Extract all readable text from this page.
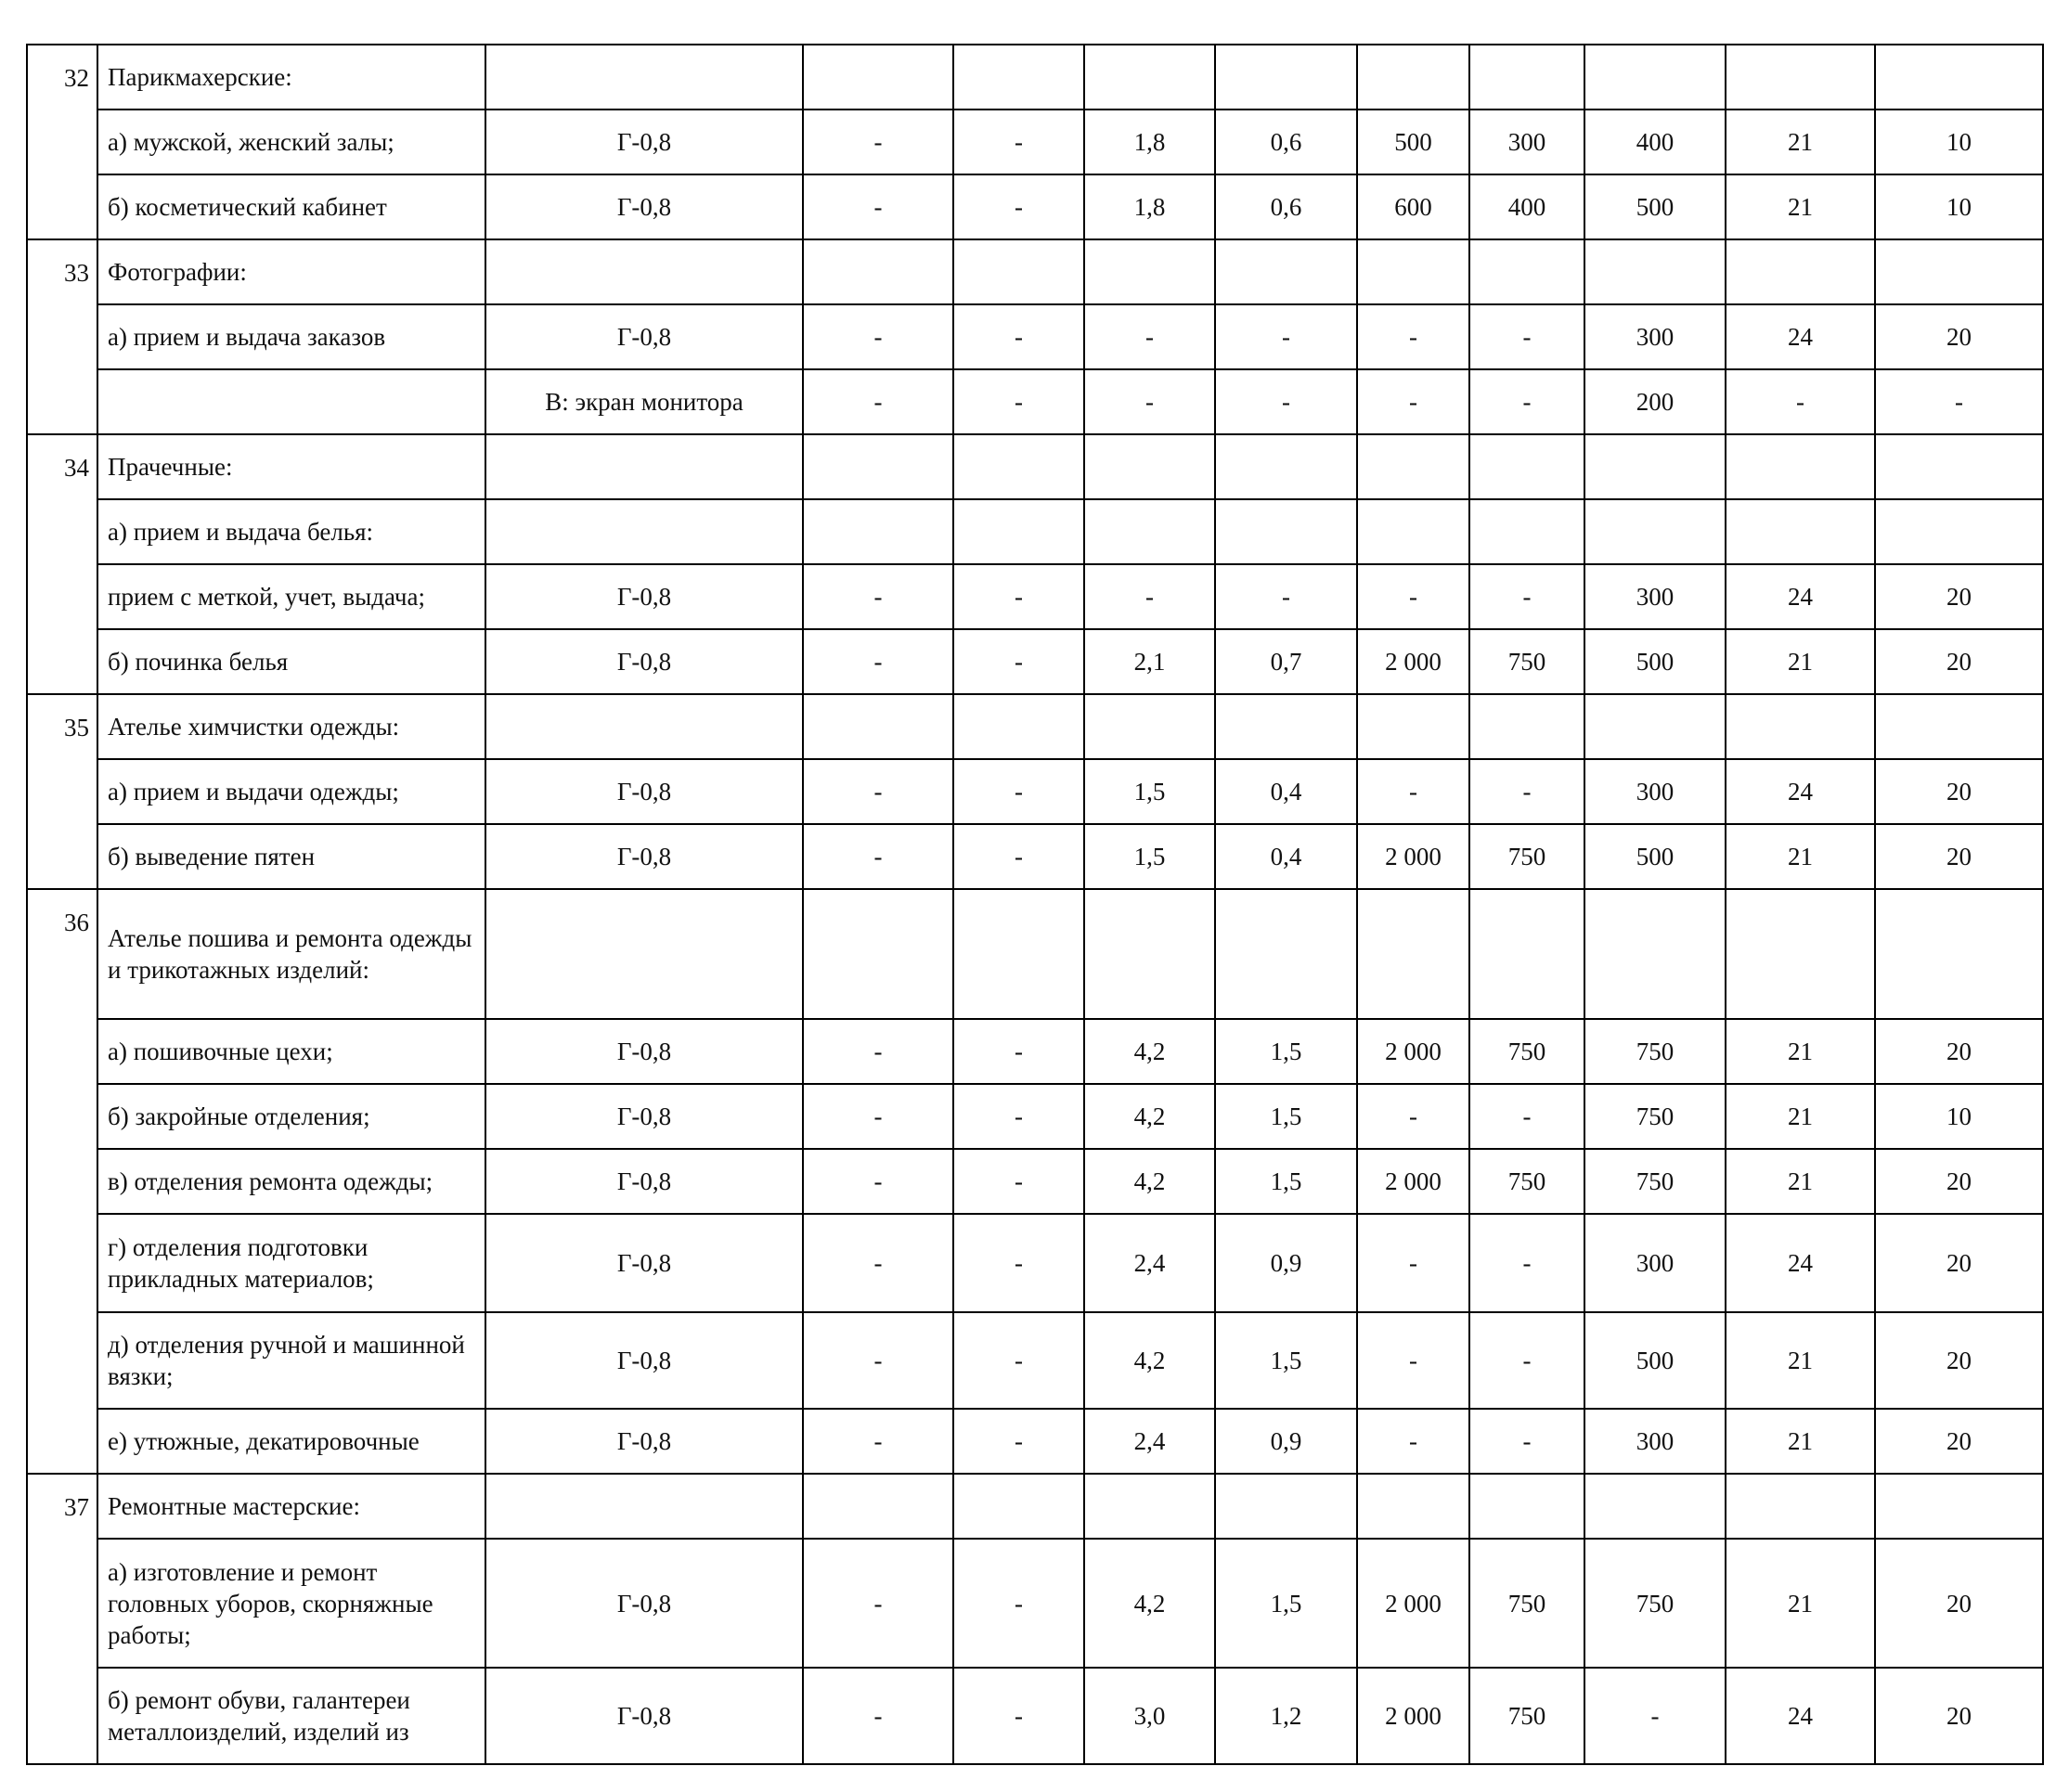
32	Парикмахерские:										
	а) мужской, женский залы;	Г-0,8	-	-	1,8	0,6	500	300	400	21	10
	б) косметический кабинет	Г-0,8	-	-	1,8	0,6	600	400	500	21	10
33	Фотографии:										
	а) прием и выдача заказов	Г-0,8	-	-	-	-	-	-	300	24	20
		В: экран монитора	-	-	-	-	-	-	200	-	-
34	Прачечные:										
	а) прием и выдача белья:										
	прием с меткой, учет, выдача;	Г-0,8	-	-	-	-	-	-	300	24	20
	б) починка белья	Г-0,8	-	-	2,1	0,7	2 000	750	500	21	20
35	Ателье химчистки одежды:										
	а) прием и выдачи одежды;	Г-0,8	-	-	1,5	0,4	-	-	300	24	20
	б) выведение пятен	Г-0,8	-	-	1,5	0,4	2 000	750	500	21	20
36	Ателье пошива и ремонта одежды и трикотажных изделий:										
	а) пошивочные цехи;	Г-0,8	-	-	4,2	1,5	2 000	750	750	21	20
	б) закройные отделения;	Г-0,8	-	-	4,2	1,5	-	-	750	21	10
	в) отделения ремонта одежды;	Г-0,8	-	-	4,2	1,5	2 000	750	750	21	20
	г) отделения подготовки прикладных материалов;	Г-0,8	-	-	2,4	0,9	-	-	300	24	20
	д) отделения ручной и машинной вязки;	Г-0,8	-	-	4,2	1,5	-	-	500	21	20
	е) утюжные, декатировочные	Г-0,8	-	-	2,4	0,9	-	-	300	21	20
37	Ремонтные мастерские:										
	а) изготовление и ремонт головных уборов, скорняжные работы;	Г-0,8	-	-	4,2	1,5	2 000	750	750	21	20
	б) ремонт обуви, галантереи металлоизделий, изделий из	Г-0,8	-	-	3,0	1,2	2 000	750	-	24	20
